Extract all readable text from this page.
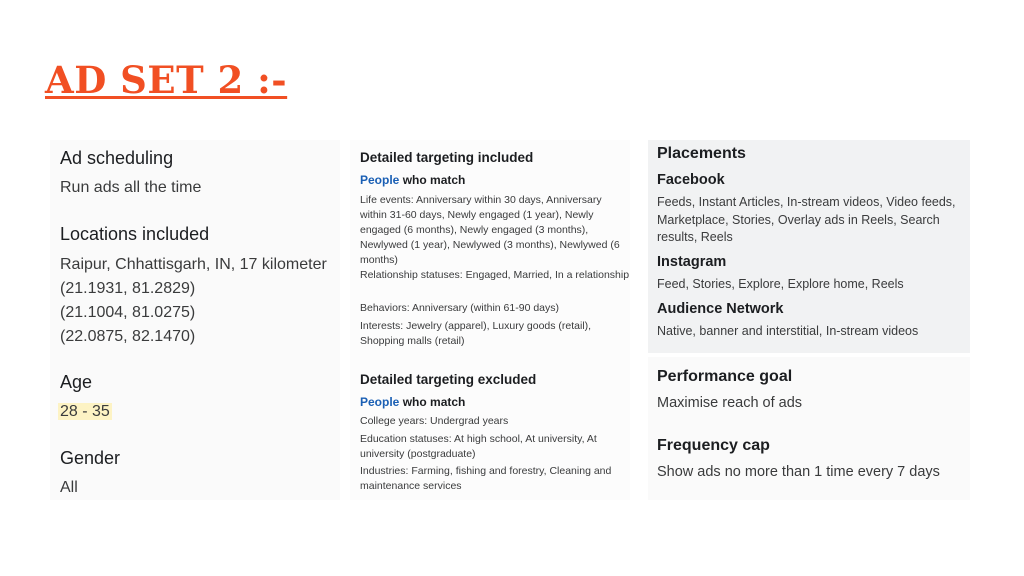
AD SET 2 :-
Ad scheduling
Run ads all the time
Locations included
Raipur, Chhattisgarh, IN, 17 kilometer
(21.1931, 81.2829)
(21.1004, 81.0275)
(22.0875, 82.1470)
Age
28 - 35
Gender
All
Detailed targeting included
People who match
Life events: Anniversary within 30 days, Anniversary within 31-60 days, Newly engaged (1 year), Newly engaged (6 months), Newly engaged (3 months), Newlywed (1 year), Newlywed (3 months), Newlywed (6 months)
Relationship statuses: Engaged, Married, In a relationship
Behaviors: Anniversary (within 61-90 days)
Interests: Jewelry (apparel), Luxury goods (retail), Shopping malls (retail)
Detailed targeting excluded
People who match
College years: Undergrad years
Education statuses: At high school, At university, At university (postgraduate)
Industries: Farming, fishing and forestry, Cleaning and maintenance services
Placements
Facebook
Feeds, Instant Articles, In-stream videos, Video feeds, Marketplace, Stories, Overlay ads in Reels, Search results, Reels
Instagram
Feed, Stories, Explore, Explore home, Reels
Audience Network
Native, banner and interstitial, In-stream videos
Performance goal
Maximise reach of ads
Frequency cap
Show ads no more than 1 time every 7 days
